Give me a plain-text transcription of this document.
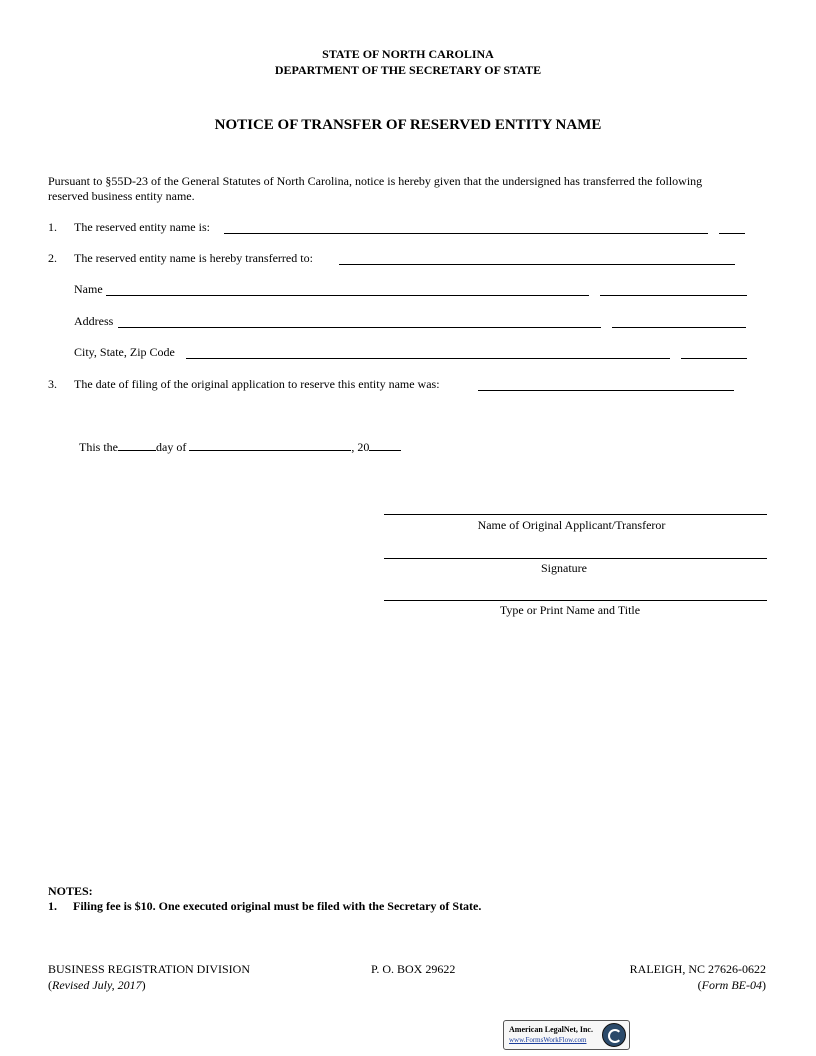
STATE OF NORTH CAROLINA
DEPARTMENT OF THE SECRETARY OF STATE
NOTICE OF TRANSFER OF RESERVED ENTITY NAME
Pursuant to §55D-23 of the General Statutes of North Carolina, notice is hereby given that the undersigned has transferred the following reserved business entity name.
1. The reserved entity name is:
2. The reserved entity name is hereby transferred to:
Name
Address
City, State, Zip Code
3. The date of filing of the original application to reserve this entity name was:
This the	day of	, 20
Name of Original Applicant/Transferor
Signature
Type or Print Name and Title
NOTES:
1. Filing fee is $10. One executed original must be filed with the Secretary of State.
BUSINESS REGISTRATION DIVISION	P. O. BOX 29622	RALEIGH, NC 27626-0622
(Revised July, 2017)	(Form BE-04)
American LegalNet, Inc.
www.FormsWorkFlow.com
